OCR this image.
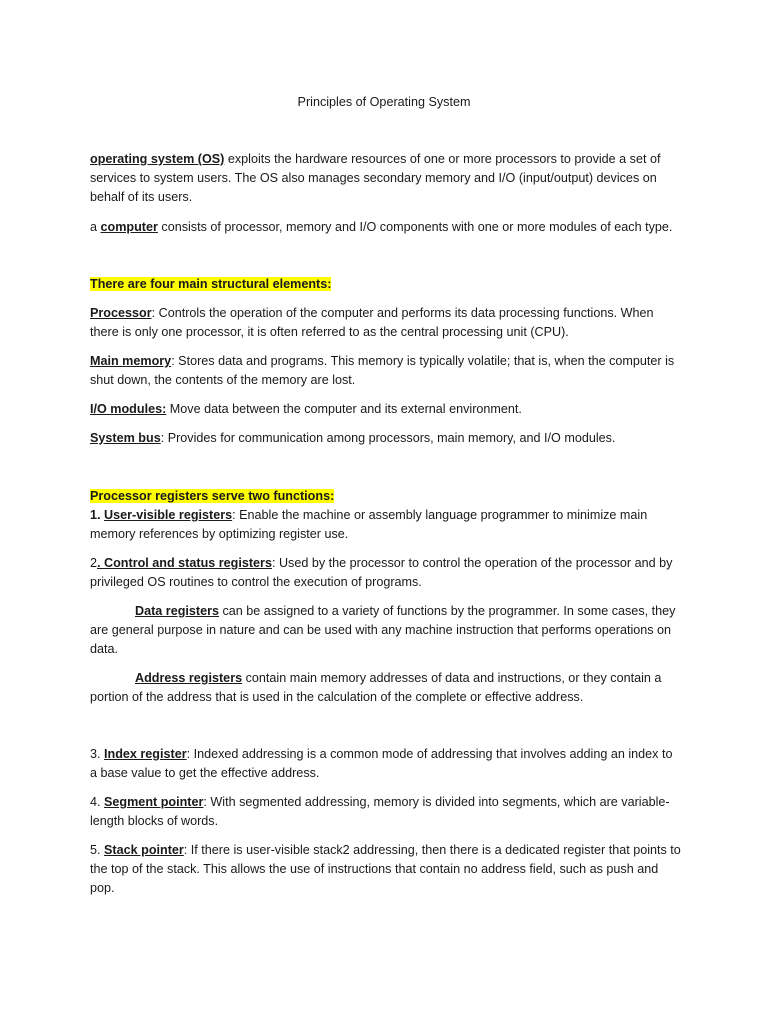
Principles of Operating System

operating system (OS) exploits the hardware resources of one or more processors to provide a set of services to system users. The OS also manages secondary memory and I/O (input/output) devices on behalf of its users.

a computer consists of processor, memory and I/O components with one or more modules of each type.

There are four main structural elements:

Processor: Controls the operation of the computer and performs its data processing functions. When there is only one processor, it is often referred to as the central processing unit (CPU).

Main memory: Stores data and programs. This memory is typically volatile; that is, when the computer is shut down, the contents of the memory are lost.

I/O modules: Move data between the computer and its external environment.

System bus: Provides for communication among processors, main memory, and I/O modules.

Processor registers serve two functions:
1. User-visible registers: Enable the machine or assembly language programmer to minimize main memory references by optimizing register use.

2. Control and status registers: Used by the processor to control the operation of the processor and by privileged OS routines to control the execution of programs.

Data registers can be assigned to a variety of functions by the programmer. In some cases, they are general purpose in nature and can be used with any machine instruction that performs operations on data.

Address registers contain main memory addresses of data and instructions, or they contain a portion of the address that is used in the calculation of the complete or effective address.

3. Index register: Indexed addressing is a common mode of addressing that involves adding an index to a base value to get the effective address.

4. Segment pointer: With segmented addressing, memory is divided into segments, which are variable-length blocks of words.

5. Stack pointer: If there is user-visible stack2 addressing, then there is a dedicated register that points to the top of the stack. This allows the use of instructions that contain no address field, such as push and pop.
